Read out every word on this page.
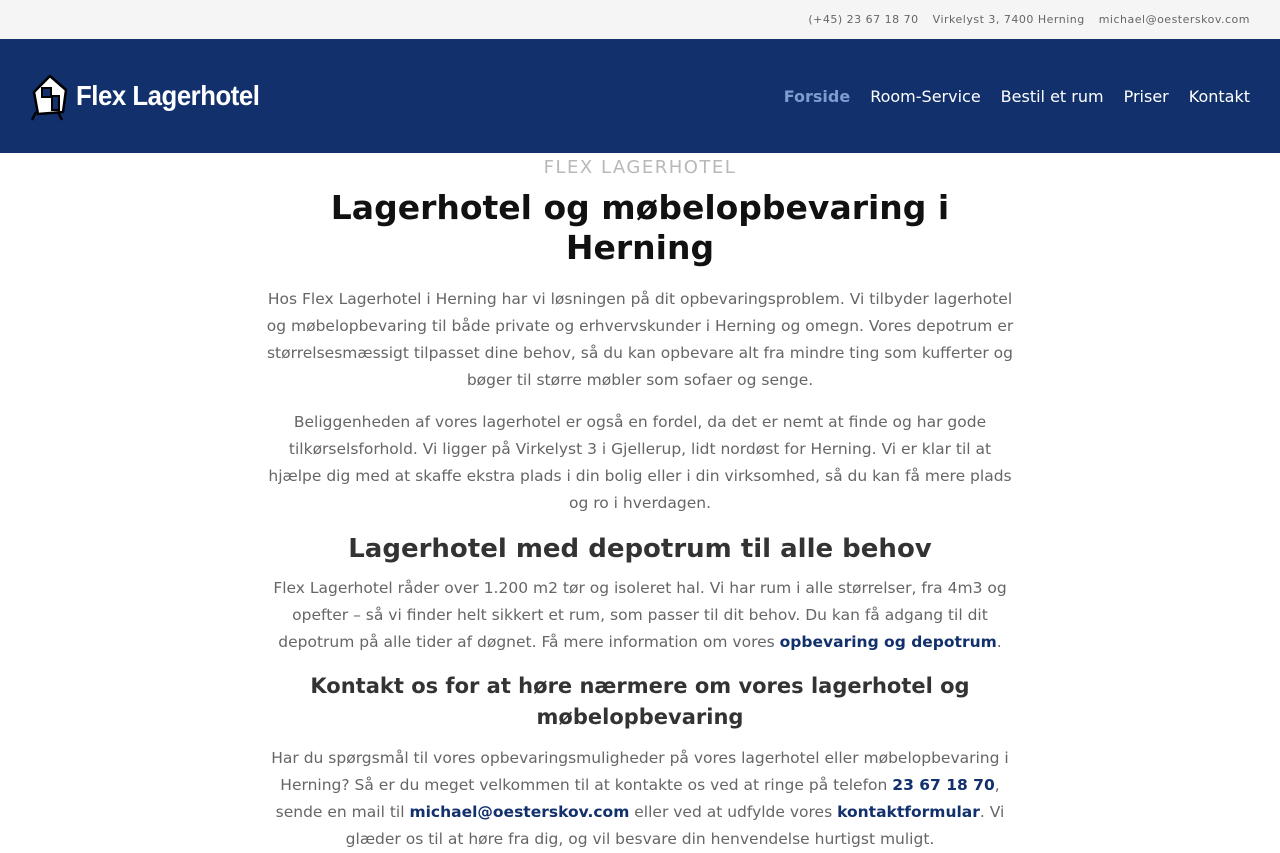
(+45) 23 67 18 70 Virkelyst 3, 7400 Herning michael@oesterskov.com
Flex Lagerhotel	Forside Room-Service Bestil et rum Priser Kontakt
FLEX LAGERHOTEL
Lagerhotel og møbelopbevaring i Herning

Hos Flex Lagerhotel i Herning har vi løsningen på dit opbevaringsproblem. Vi tilbyder lagerhotel og møbelopbevaring til både private og erhvervskunder i Herning og omegn. Vores depotrum er størrelsesmæssigt tilpasset dine behov, så du kan opbevare alt fra mindre ting som kufferter og bøger til større møbler som sofaer og senge.

Beliggenheden af vores lagerhotel er også en fordel, da det er nemt at finde og har gode tilkørselsforhold. Vi ligger på Virkelyst 3 i Gjellerup, lidt nordøst for Herning. Vi er klar til at hjælpe dig med at skaffe ekstra plads i din bolig eller i din virksomhed, så du kan få mere plads og ro i hverdagen.

Lagerhotel med depotrum til alle behov

Flex Lagerhotel råder over 1.200 m2 tør og isoleret hal. Vi har rum i alle størrelser, fra 4m3 og opefter – så vi finder helt sikkert et rum, som passer til dit behov. Du kan få adgang til dit depotrum på alle tider af døgnet. Få mere information om vores opbevaring og depotrum.

Kontakt os for at høre nærmere om vores lagerhotel og møbelopbevaring

Har du spørgsmål til vores opbevaringsmuligheder på vores lagerhotel eller møbelopbevaring i Herning? Så er du meget velkommen til at kontakte os ved at ringe på telefon 23 67 18 70, sende en mail til michael@oesterskov.com eller ved at udfylde vores kontaktformular. Vi glæder os til at høre fra dig, og vil besvare din henvendelse hurtigst muligt.
